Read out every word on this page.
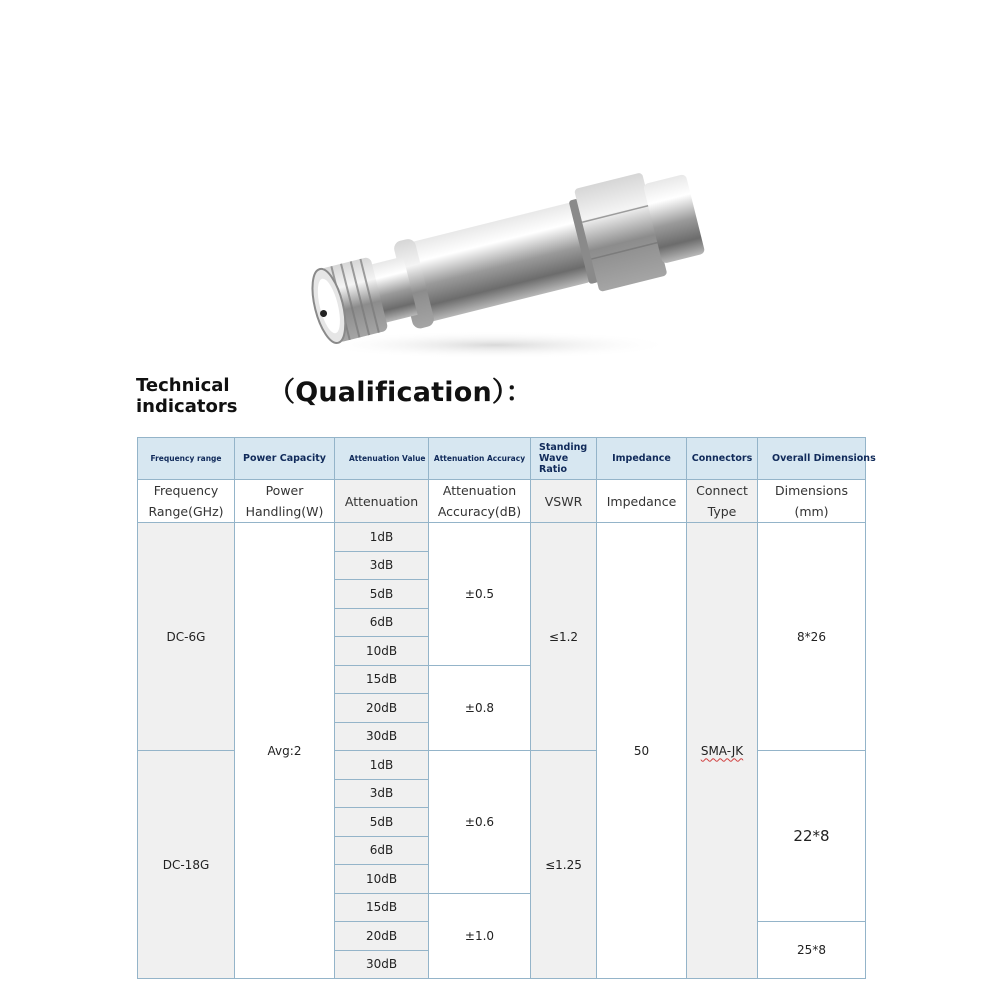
Technical
indicators （Qualification）：
Frequency range	Power Capacity	Attenuation Value	Attenuation Accuracy	Standing Wave Ratio	Impedance	Connectors	Overall Dimensions
Frequency Range(GHz)	Power Handling(W)	Attenuation	Attenuation Accuracy(dB)	VSWR	Impedance	Connect Type	Dimensions (mm)
DC-6G	Avg:2	1dB	±0.5	≤1.2	50	SMA-JK	8*26
		3dB					
		5dB					
		6dB					
		10dB					
		15dB	±0.8				
		20dB					
		30dB					
DC-18G		1dB	±0.6	≤1.25			22*8
		3dB					
		5dB					
		6dB					
		10dB					
		15dB	±1.0				
		20dB					25*8
		30dB					
